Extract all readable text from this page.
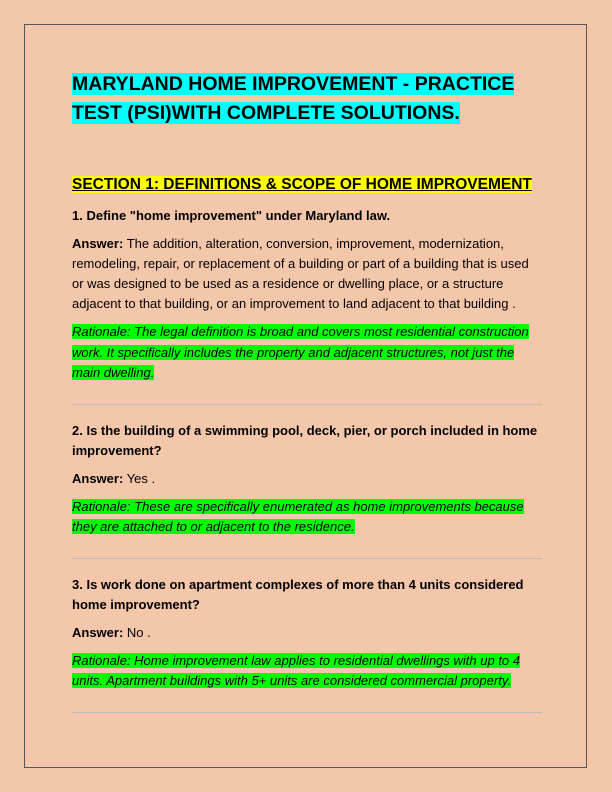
MARYLAND HOME IMPROVEMENT - PRACTICE TEST (PSI)WITH COMPLETE SOLUTIONS.
SECTION 1: DEFINITIONS & SCOPE OF HOME IMPROVEMENT

1. Define "home improvement" under Maryland law.

Answer: The addition, alteration, conversion, improvement, modernization, remodeling, repair, or replacement of a building or part of a building that is used or was designed to be used as a residence or dwelling place, or a structure adjacent to that building, or an improvement to land adjacent to that building .

Rationale: The legal definition is broad and covers most residential construction work. It specifically includes the property and adjacent structures, not just the main dwelling.

2. Is the building of a swimming pool, deck, pier, or porch included in home improvement?

Answer: Yes .

Rationale: These are specifically enumerated as home improvements because they are attached to or adjacent to the residence.

3. Is work done on apartment complexes of more than 4 units considered home improvement?

Answer: No .

Rationale: Home improvement law applies to residential dwellings with up to 4 units. Apartment buildings with 5+ units are considered commercial property.
